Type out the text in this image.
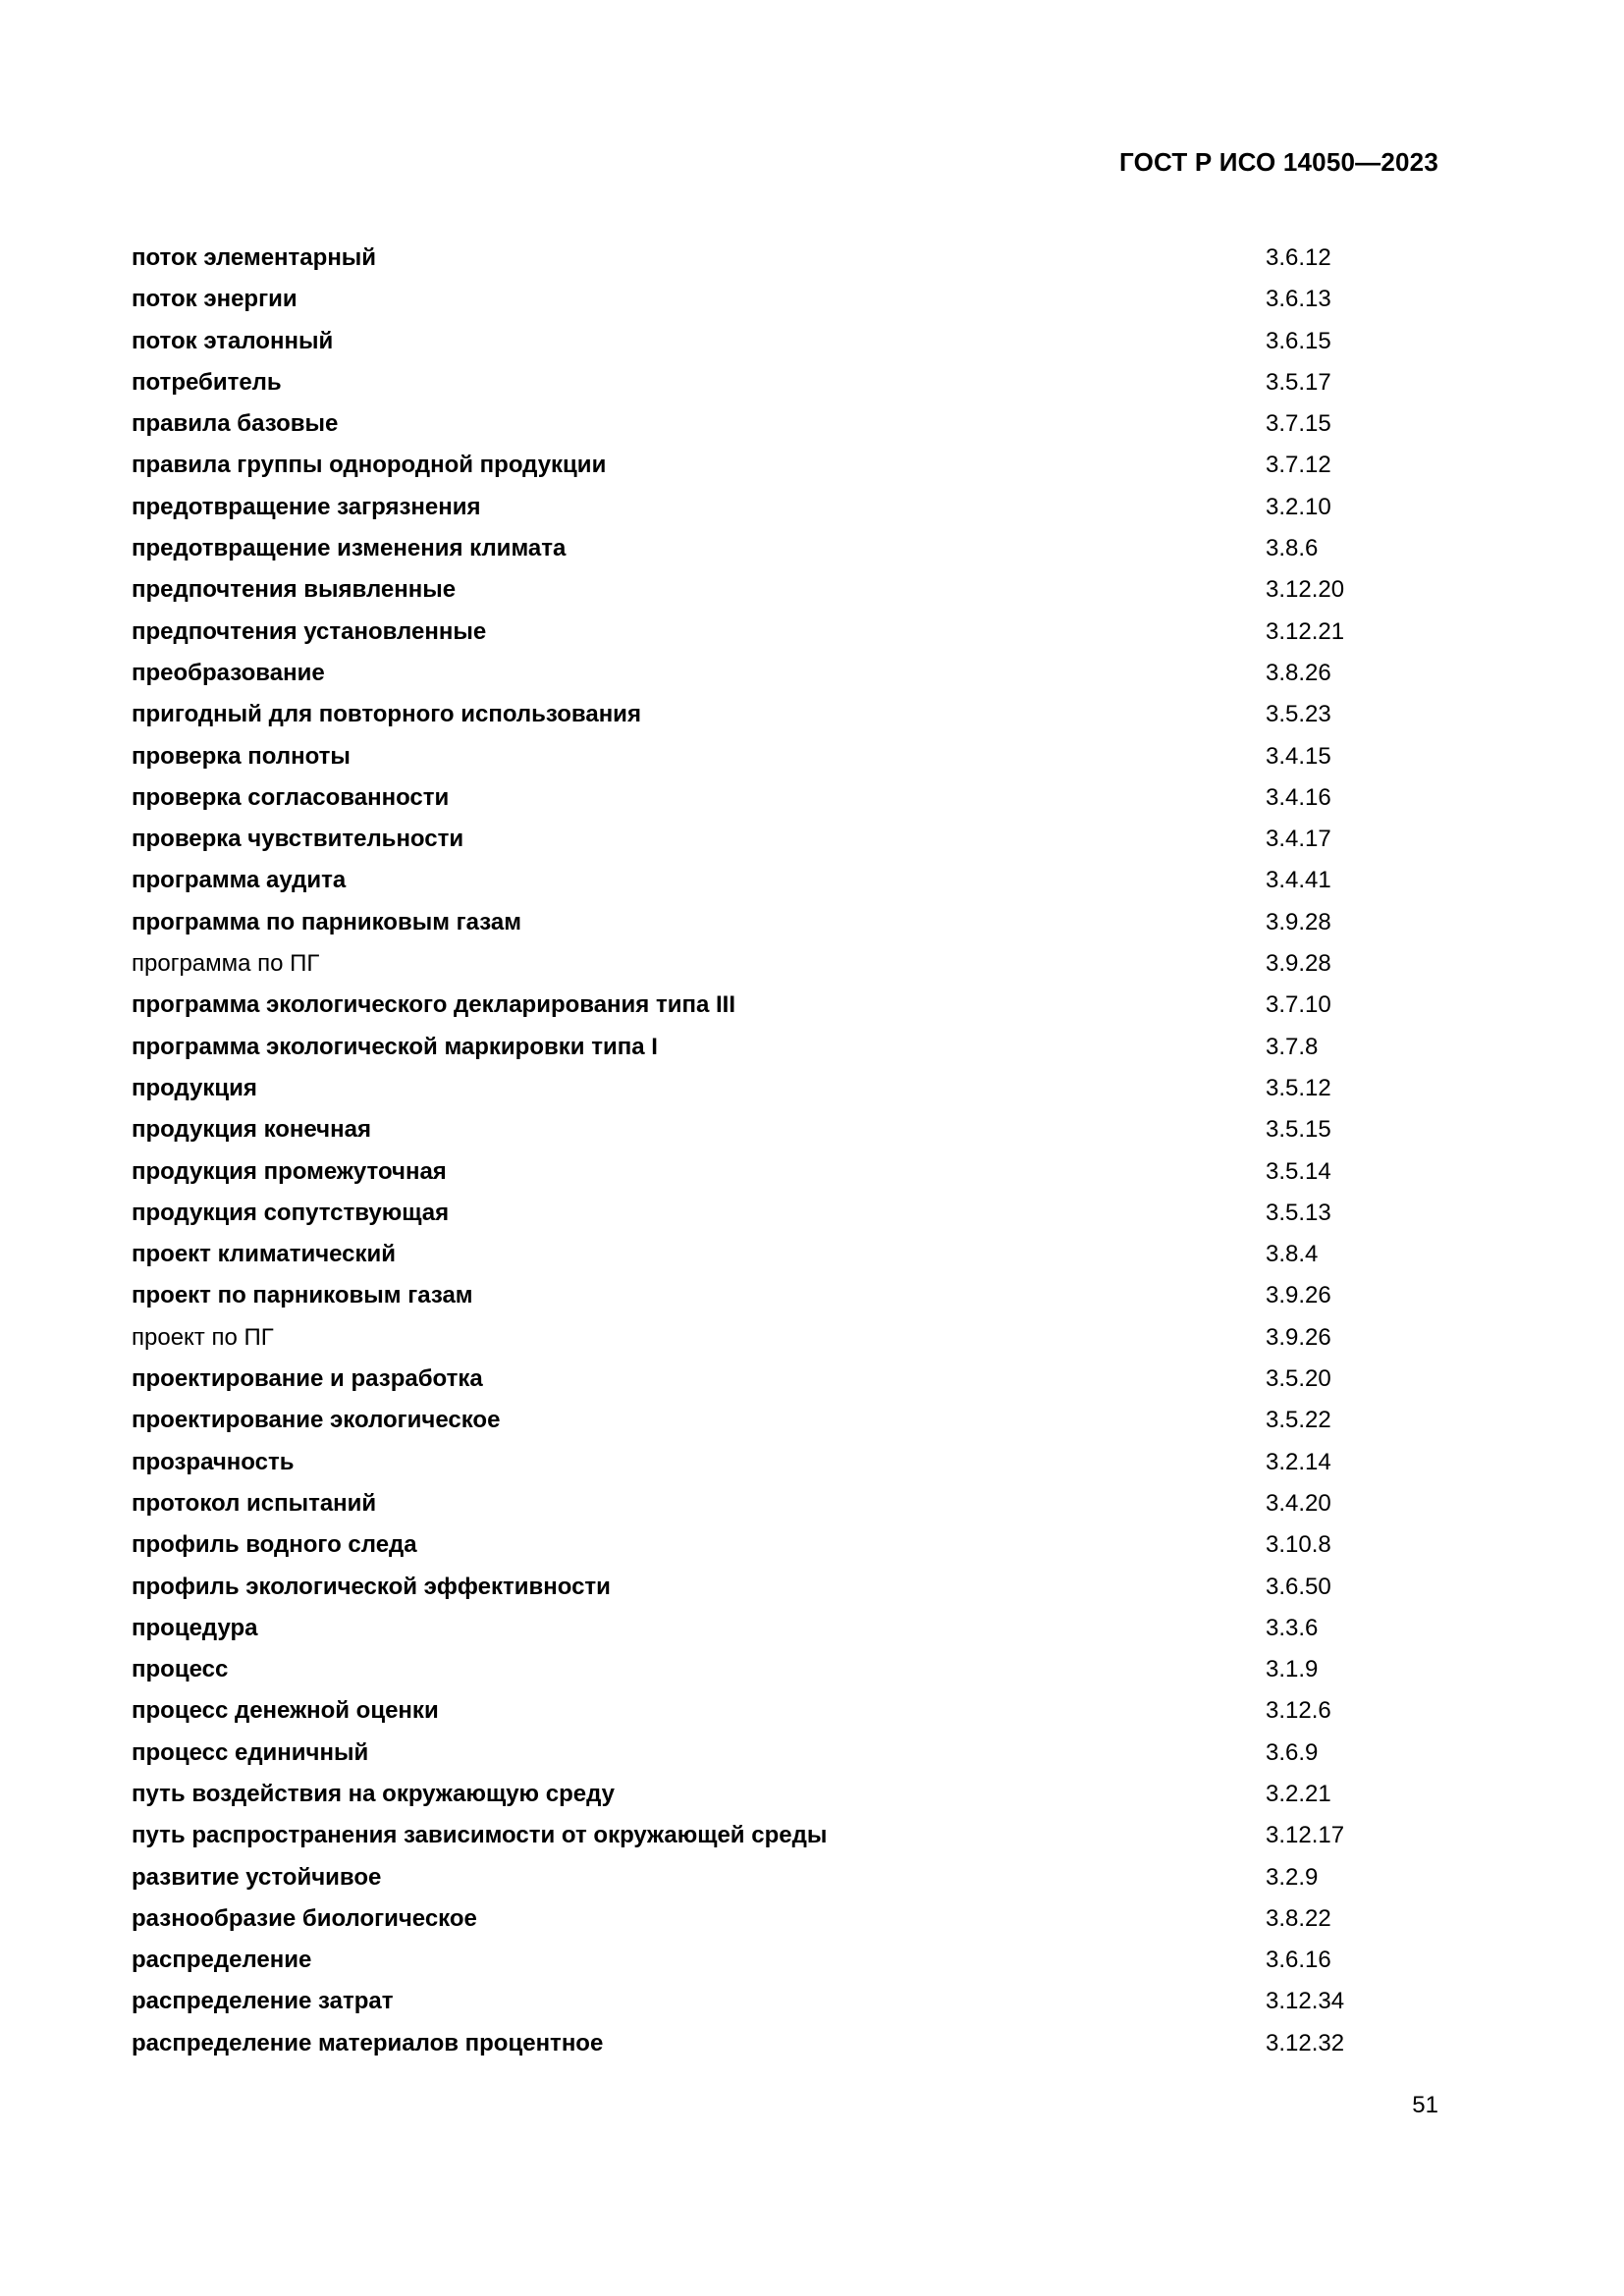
ГОСТ Р ИСО 14050—2023
поток элементарный	3.6.12
поток энергии	3.6.13
поток эталонный	3.6.15
потребитель	3.5.17
правила базовые	3.7.15
правила группы однородной продукции	3.7.12
предотвращение загрязнения	3.2.10
предотвращение изменения климата	3.8.6
предпочтения выявленные	3.12.20
предпочтения установленные	3.12.21
преобразование	3.8.26
пригодный для повторного использования	3.5.23
проверка полноты	3.4.15
проверка согласованности	3.4.16
проверка чувствительности	3.4.17
программа аудита	3.4.41
программа по парниковым газам	3.9.28
программа по ПГ	3.9.28
программа экологического декларирования типа III	3.7.10
программа экологической маркировки типа I	3.7.8
продукция	3.5.12
продукция конечная	3.5.15
продукция промежуточная	3.5.14
продукция сопутствующая	3.5.13
проект климатический	3.8.4
проект по парниковым газам	3.9.26
проект по ПГ	3.9.26
проектирование и разработка	3.5.20
проектирование экологическое	3.5.22
прозрачность	3.2.14
протокол испытаний	3.4.20
профиль водного следа	3.10.8
профиль экологической эффективности	3.6.50
процедура	3.3.6
процесс	3.1.9
процесс денежной оценки	3.12.6
процесс единичный	3.6.9
путь воздействия на окружающую среду	3.2.21
путь распространения зависимости от окружающей среды	3.12.17
развитие устойчивое	3.2.9
разнообразие биологическое	3.8.22
распределение	3.6.16
распределение затрат	3.12.34
распределение материалов процентное	3.12.32
51
